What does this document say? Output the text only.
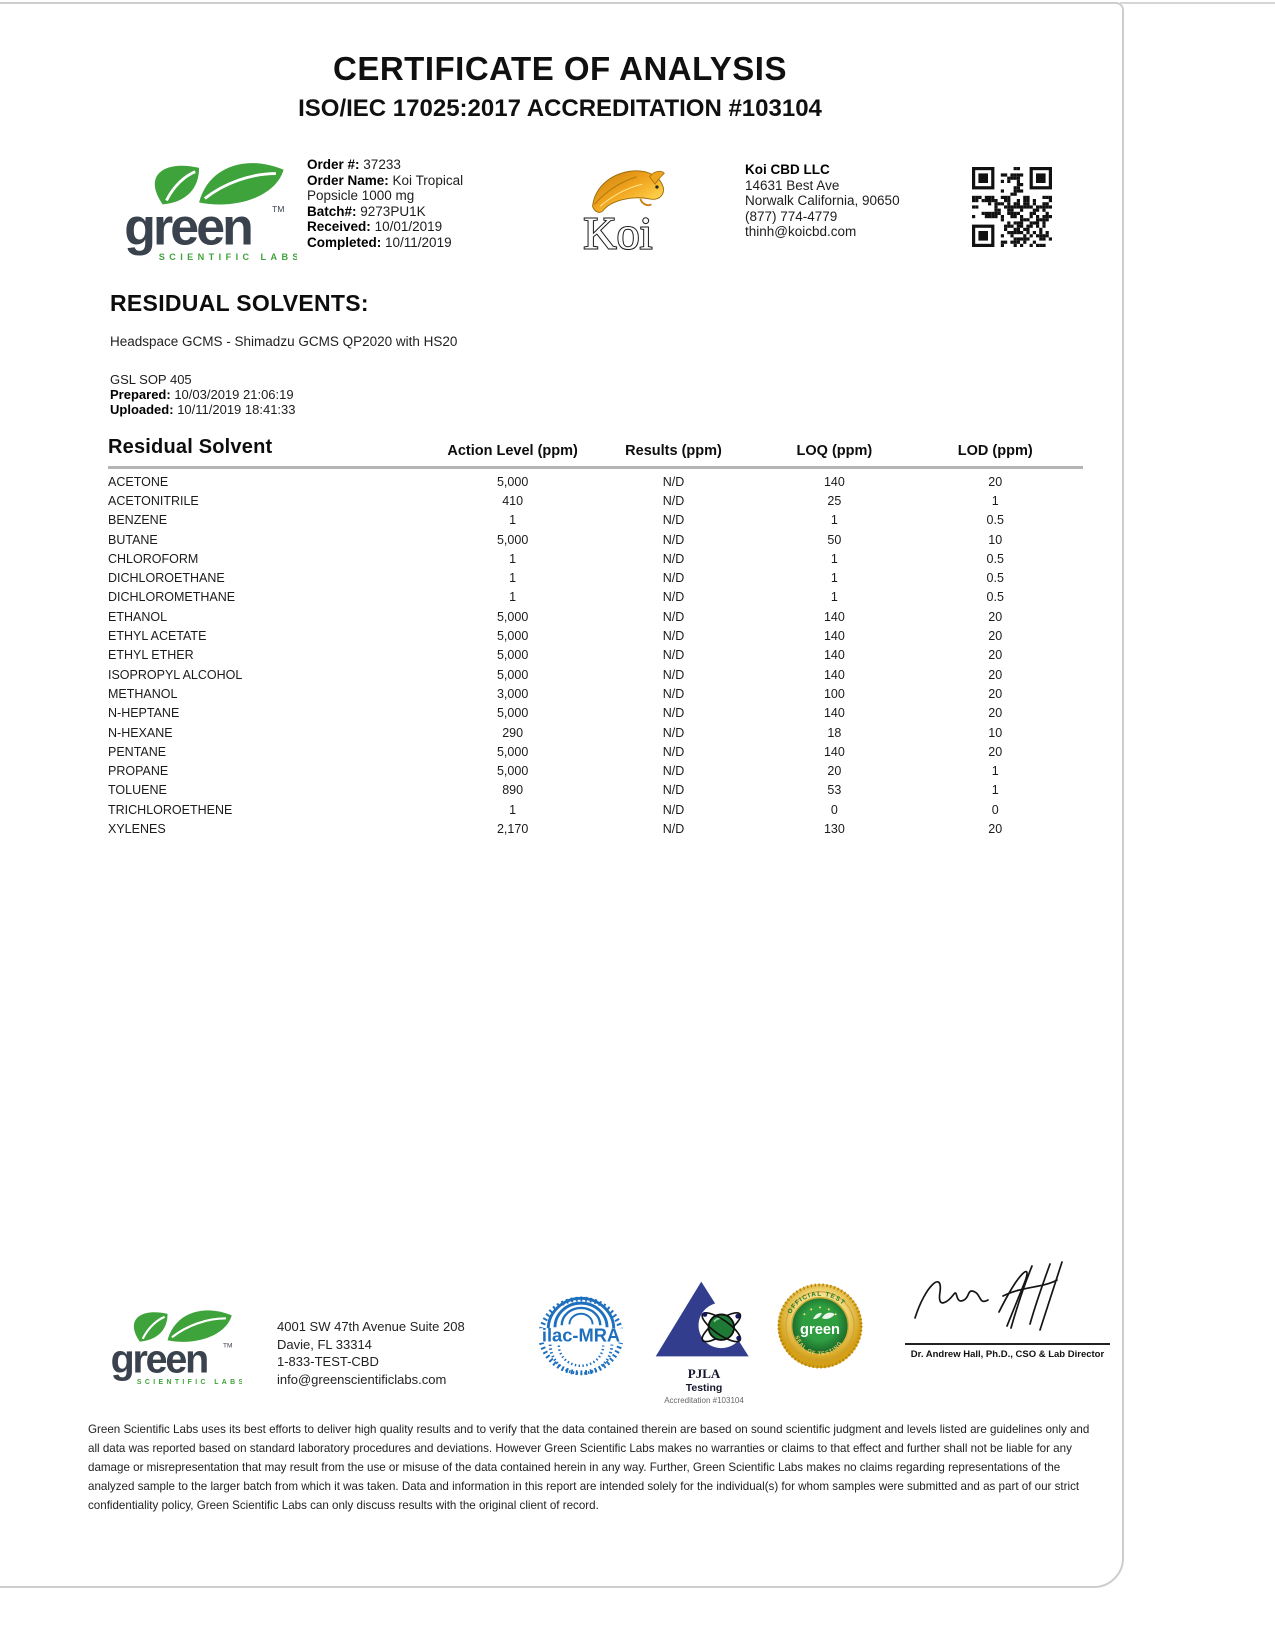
CERTIFICATE OF ANALYSIS
ISO/IEC 17025:2017 ACCREDITATION #103104
green TM
SCIENTIFIC LABS
Order #: 37233
Order Name: Koi Tropical Popsicle 1000 mg
Batch#: 9273PU1K
Received: 10/01/2019
Completed: 10/11/2019	Koi
Koi CBD LLC
14631 Best Ave
Norwalk California, 90650
(877) 774-4779
thinh@koicbd.com
RESIDUAL SOLVENTS:
Headspace GCMS - Shimadzu GCMS QP2020 with HS20
GSL SOP 405
Prepared: 10/03/2019 21:06:19
Uploaded: 10/11/2019 18:41:33
Residual Solvent	Action Level (ppm)	Results (ppm)	LOQ (ppm)	LOD (ppm)
ACETONE	5,000	N/D	140	20
ACETONITRILE	410	N/D	25	1
BENZENE	1	N/D	1	0.5
BUTANE	5,000	N/D	50	10
CHLOROFORM	1	N/D	1	0.5
DICHLOROETHANE	1	N/D	1	0.5
DICHLOROMETHANE	1	N/D	1	0.5
ETHANOL	5,000	N/D	140	20
ETHYL ACETATE	5,000	N/D	140	20
ETHYL ETHER	5,000	N/D	140	20
ISOPROPYL ALCOHOL	5,000	N/D	140	20
METHANOL	3,000	N/D	100	20
N-HEPTANE	5,000	N/D	140	20
N-HEXANE	290	N/D	18	10
PENTANE	5,000	N/D	140	20
PROPANE	5,000	N/D	20	1
TOLUENE	890	N/D	53	1
TRICHLOROETHENE	1	N/D	0	0
XYLENES	2,170	N/D	130	20
green TM
SCIENTIFIC LABS
4001 SW 47th Avenue Suite 208
Davie, FL 33314
1-833-TEST-CBD
info@greenscientificlabs.com
ilac-MRA
PJLA
Testing
Accreditation #103104
OFFICIAL TEST
green
SEAL OF TESTING
Dr. Andrew Hall, Ph.D., CSO & Lab Director
Green Scientific Labs uses its best efforts to deliver high quality results and to verify that the data contained therein are based on sound scientific judgment and levels listed are guidelines only and all data was reported based on standard laboratory procedures and deviations. However Green Scientific Labs makes no warranties or claims to that effect and further shall not be liable for any damage or misrepresentation that may result from the use or misuse of the data contained herein in any way. Further, Green Scientific Labs makes no claims regarding representations of the analyzed sample to the larger batch from which it was taken. Data and information in this report are intended solely for the individual(s) for whom samples were submitted and as part of our strict confidentiality policy, Green Scientific Labs can only discuss results with the original client of record.
